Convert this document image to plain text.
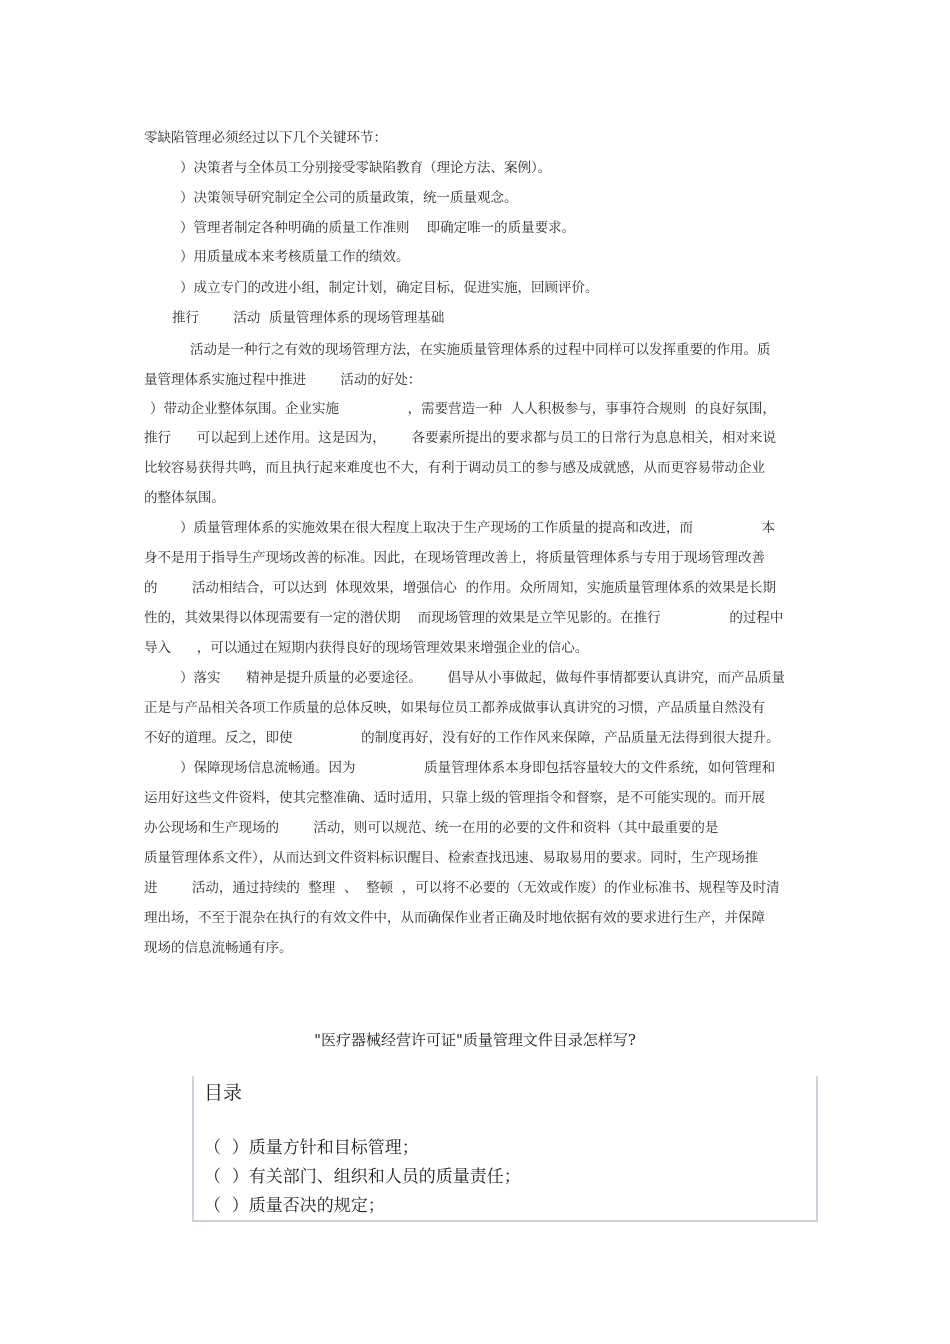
零缺陷管理必须经过以下几个关键环节：
）决策者与全体员工分别接受零缺陷教育（理论方法、案例）。
）决策领导研究制定全公司的质量政策，统一质量观念。
）管理者制定各种明确的质量工作准则    即确定唯一的质量要求。
）用质量成本来考核质量工作的绩效。
）成立专门的改进小组，制定计划，确定目标，促进实施，回顾评价。
推行        活动  质量管理体系的现场管理基础
活动是一种行之有效的现场管理方法，在实施质量管理体系的过程中同样可以发挥重要的作用。质
量管理体系实施过程中推进        活动的好处：
）带动企业整体氛围。企业实施                ，需要营造一种  人人积极参与，事事符合规则  的良好氛围，
推行      可以起到上述作用。这是因为，      各要素所提出的要求都与员工的日常行为息息相关，相对来说
比较容易获得共鸣，而且执行起来难度也不大，有利于调动员工的参与感及成就感，从而更容易带动企业
的整体氛围。
）质量管理体系的实施效果在很大程度上取决于生产现场的工作质量的提高和改进，而                本
身不是用于指导生产现场改善的标准。因此，在现场管理改善上，将质量管理体系与专用于现场管理改善
的        活动相结合，可以达到  体现效果，增强信心  的作用。众所周知，实施质量管理体系的效果是长期
性的，其效果得以体现需要有一定的潜伏期    而现场管理的效果是立竿见影的。在推行                的过程中
导入      ，可以通过在短期内获得良好的现场管理效果来增强企业的信心。
）落实      精神是提升质量的必要途径。      倡导从小事做起，做每件事情都要认真讲究，而产品质量
正是与产品相关各项工作质量的总体反映，如果每位员工都养成做事认真讲究的习惯，产品质量自然没有
不好的道理。反之，即使                的制度再好，没有好的工作作风来保障，产品质量无法得到很大提升。
）保障现场信息流畅通。因为                质量管理体系本身即包括容量较大的文件系统，如何管理和
运用好这些文件资料，使其完整准确、适时适用，只靠上级的管理指令和督察，是不可能实现的。而开展
办公现场和生产现场的        活动，则可以规范、统一在用的必要的文件和资料（其中最重要的是
质量管理体系文件），从而达到文件资料标识醒目、检索查找迅速、易取易用的要求。同时，生产现场推
进        活动，通过持续的  整理  、  整顿  ，可以将不必要的（无效或作废）的作业标准书、规程等及时清
理出场，不至于混杂在执行的有效文件中，从而确保作业者正确及时地依据有效的要求进行生产，并保障
现场的信息流畅通有序。
"医疗器械经营许可证"质量管理文件目录怎样写?
目录
（  ）质量方针和目标管理；
（  ）有关部门、组织和人员的质量责任；
（  ）质量否决的规定；
